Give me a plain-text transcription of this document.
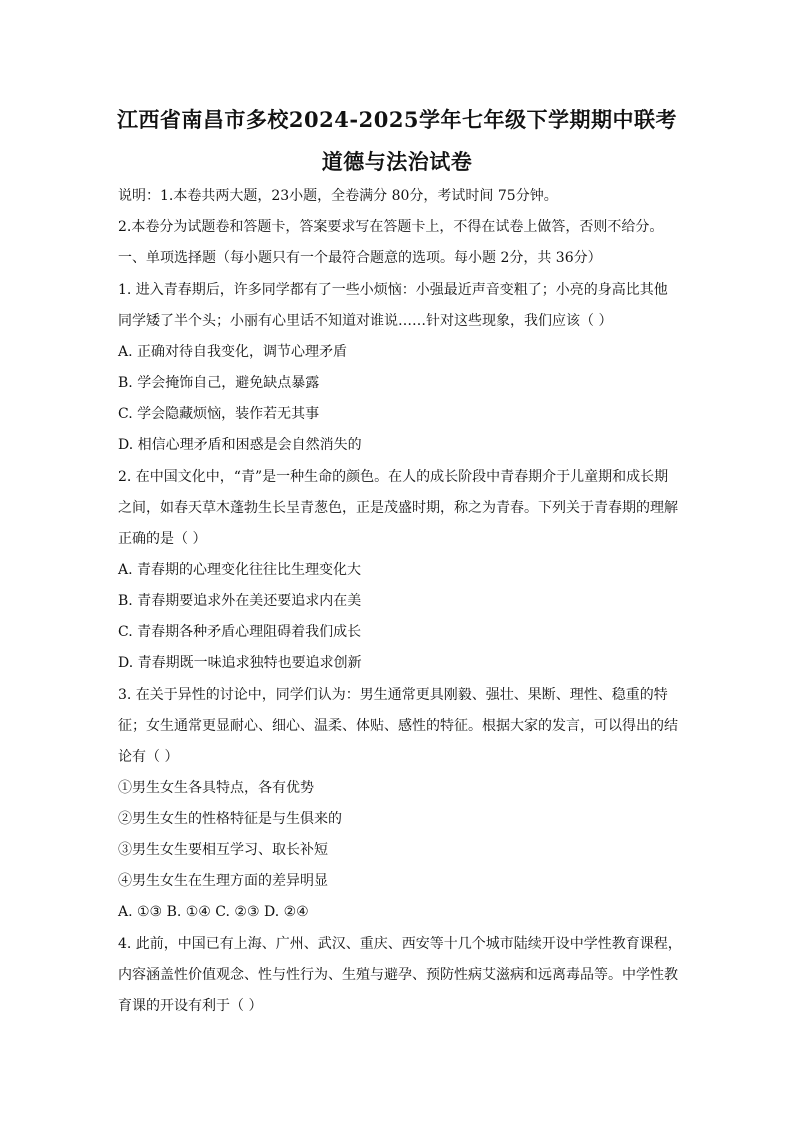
江西省南昌市多校2024-2025学年七年级下学期期中联考
道德与法治试卷
说明：1.本卷共两大题，23小题，全卷满分 80分，考试时间 75分钟。
2.本卷分为试题卷和答题卡，答案要求写在答题卡上，不得在试卷上做答，否则不给分。
一、单项选择题（每小题只有一个最符合题意的选项。每小题 2分，共 36分）
1. 进入青春期后，许多同学都有了一些小烦恼：小强最近声音变粗了；小亮的身高比其他
同学矮了半个头；小丽有心里话不知道对谁说……针对这些现象，我们应该（ ）
A. 正确对待自我变化，调节心理矛盾
B. 学会掩饰自己，避免缺点暴露
C. 学会隐藏烦恼，装作若无其事
D. 相信心理矛盾和困惑是会自然消失的
2. 在中国文化中，“青”是一种生命的颜色。在人的成长阶段中青春期介于儿童期和成长期
之间，如春天草木蓬勃生长呈青葱色，正是茂盛时期，称之为青春。下列关于青春期的理解
正确的是（ ）
A. 青春期的心理变化往往比生理变化大
B. 青春期要追求外在美还要追求内在美
C. 青春期各种矛盾心理阻碍着我们成长
D. 青春期既一味追求独特也要追求创新
3. 在关于异性的讨论中，同学们认为：男生通常更具刚毅、强壮、果断、理性、稳重的特
征；女生通常更显耐心、细心、温柔、体贴、感性的特征。根据大家的发言，可以得出的结
论有（ ）
①男生女生各具特点，各有优势
②男生女生的性格特征是与生俱来的
③男生女生要相互学习、取长补短
④男生女生在生理方面的差异明显
A. ①③ B. ①④ C. ②③ D. ②④
4. 此前，中国已有上海、广州、武汉、重庆、西安等十几个城市陆续开设中学性教育课程，
内容涵盖性价值观念、性与性行为、生殖与避孕、预防性病艾滋病和远离毒品等。中学性教
育课的开设有利于（ ）
